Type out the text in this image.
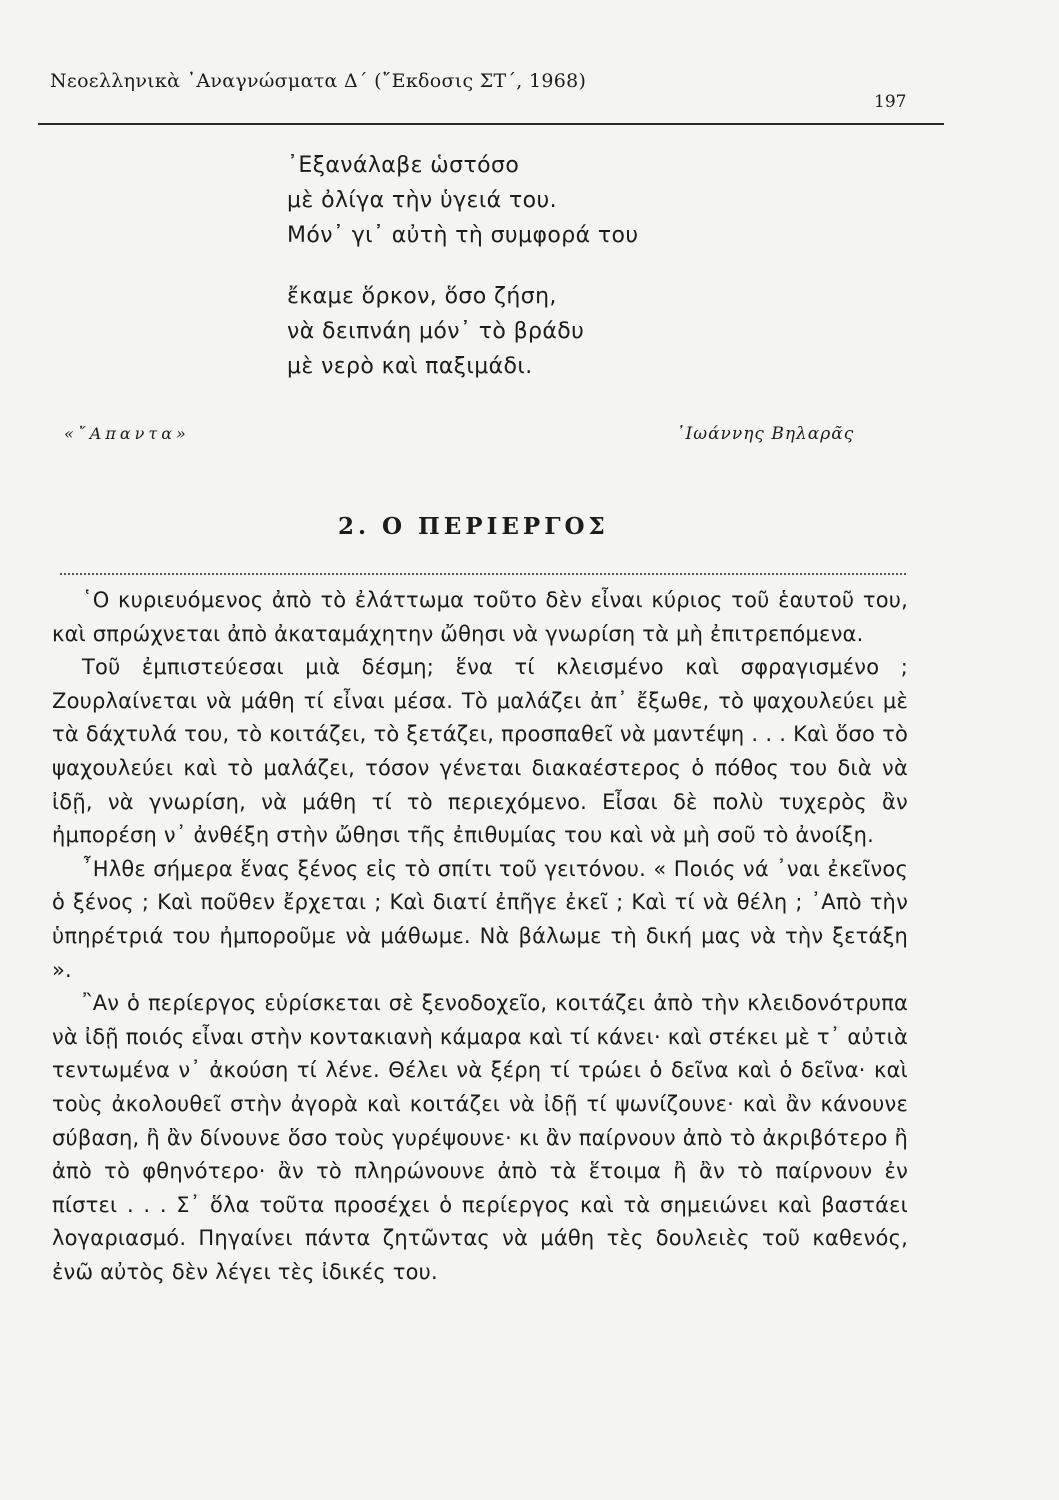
Νεοελληνικὰ ᾿Αναγνώσματα Δ΄ (῎Εκδοσις ΣΤ΄, 1968)
197
᾿Εξανάλαβε ὡστόσο
μὲ ὀλίγα τὴν ὑγειά του.
Μόν᾿ γι᾿ αὐτὴ τὴ συμφορά του
ἔκαμε ὅρκον, ὅσο ζήση,
νὰ δειπνάη μόν᾿ τὸ βράδυ
μὲ νερὸ καὶ παξιμάδι.
«῎Απαντα»	᾿Ιωάννης Βηλαρᾶς
2. Ο ΠΕΡΙΕΡΓΟΣ

῾Ο κυριευόμενος ἀπὸ τὸ ἐλάττωμα τοῦτο δὲν εἶναι κύριος τοῦ ἑαυτοῦ του, καὶ σπρώχνεται ἀπὸ ἀκαταμάχητην ὤθησι νὰ γνωρίση τὰ μὴ ἐπιτρεπόμενα.

Τοῦ ἐμπιστεύεσαι μιὰ δέσμη; ἕνα τί κλεισμένο καὶ σφραγισμένο ; Ζουρλαίνεται νὰ μάθη τί εἶναι μέσα. Τὸ μαλάζει ἀπ᾿ ἔξωθε, τὸ ψαχουλεύει μὲ τὰ δάχτυλά του, τὸ κοιτάζει, τὸ ξετάζει, προσπαθεῖ νὰ μαντέψη . . . Καὶ ὅσο τὸ ψαχουλεύει καὶ τὸ μαλάζει, τόσον γένεται διακαέστερος ὁ πόθος του διὰ νὰ ἰδῇ, νὰ γνωρίση, νὰ μάθη τί τὸ περιεχόμενο. Εἶσαι δὲ πολὺ τυχερὸς ἂν ἠμπορέση ν᾿ ἀνθέξη στὴν ὤθησι τῆς ἐπιθυμίας του καὶ νὰ μὴ σοῦ τὸ ἀνοίξη.

῏Ηλθε σήμερα ἕνας ξένος εἰς τὸ σπίτι τοῦ γειτόνου. « Ποιός νά ᾿ναι ἐκεῖνος ὁ ξένος ; Καὶ ποῦθεν ἔρχεται ; Καὶ διατί ἐπῆγε ἐκεῖ ; Καὶ τί νὰ θέλη ; ᾿Απὸ τὴν ὑπηρέτριά του ἠμποροῦμε νὰ μάθωμε. Νὰ βάλωμε τὴ δική μας νὰ τὴν ξετάξη ».

῍Αν ὁ περίεργος εὑρίσκεται σὲ ξενοδοχεῖο, κοιτάζει ἀπὸ τὴν κλειδονότρυπα νὰ ἰδῇ ποιός εἶναι στὴν κοντακιανὴ κάμαρα καὶ τί κάνει· καὶ στέκει μὲ τ᾿ αὐτιὰ τεντωμένα ν᾿ ἀκούση τί λένε. Θέλει νὰ ξέρη τί τρώει ὁ δεῖνα καὶ ὁ δεῖνα· καὶ τοὺς ἀκολουθεῖ στὴν ἀγορὰ καὶ κοιτάζει νὰ ἰδῇ τί ψωνίζουνε· καὶ ἂν κάνουνε σύβαση, ἢ ἂν δίνουνε ὅσο τοὺς γυρέψουνε· κι ἂν παίρνουν ἀπὸ τὸ ἀκριβότερο ἢ ἀπὸ τὸ φθηνότερο· ἂν τὸ πληρώνουνε ἀπὸ τὰ ἕτοιμα ἢ ἂν τὸ παίρνουν ἐν πίστει . . . Σ᾿ ὅλα τοῦτα προσέχει ὁ περίεργος καὶ τὰ σημειώνει καὶ βαστάει λογαριασμό. Πηγαίνει πάντα ζητῶντας νὰ μάθη τὲς δουλειὲς τοῦ καθενός, ἐνῶ αὐτὸς δὲν λέγει τὲς ἰδικές του.
